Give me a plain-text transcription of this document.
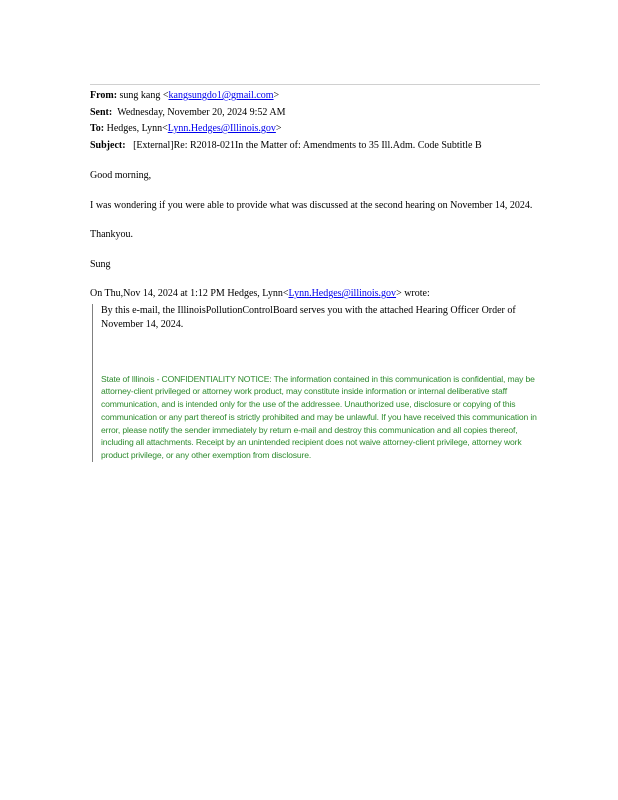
From: sung kang <kangsungdo1@gmail.com>
Sent: Wednesday, November 20, 2024 9:52 AM
To: Hedges, Lynn<Lynn.Hedges@Illinois.gov>
Subject: [External]Re: R2018-021In the Matter of: Amendments to 35 Ill.Adm. Code Subtitle B

Good morning,

I was wondering if you were able to provide what was discussed at the second hearing on November 14, 2024.

Thankyou.

Sung

On Thu,Nov 14, 2024 at 1:12 PM Hedges, Lynn<Lynn.Hedges@illinois.gov> wrote:

By this e-mail, the IllinoisPollutionControlBoard serves you with the attached Hearing Officer Order of November 14, 2024.

State of Illinois - CONFIDENTIALITY NOTICE: The information contained in this communication is confidential, may be attorney-client privileged or attorney work product, may constitute inside information or internal deliberative staff communication, and is intended only for the use of the addressee. Unauthorized use, disclosure or copying of this communication or any part thereof is strictly prohibited and may be unlawful. If you have received this communication in error, please notify the sender immediately by return e-mail and destroy this communication and all copies thereof, including all attachments. Receipt by an unintended recipient does not waive attorney-client privilege, attorney work product privilege, or any other exemption from disclosure.
